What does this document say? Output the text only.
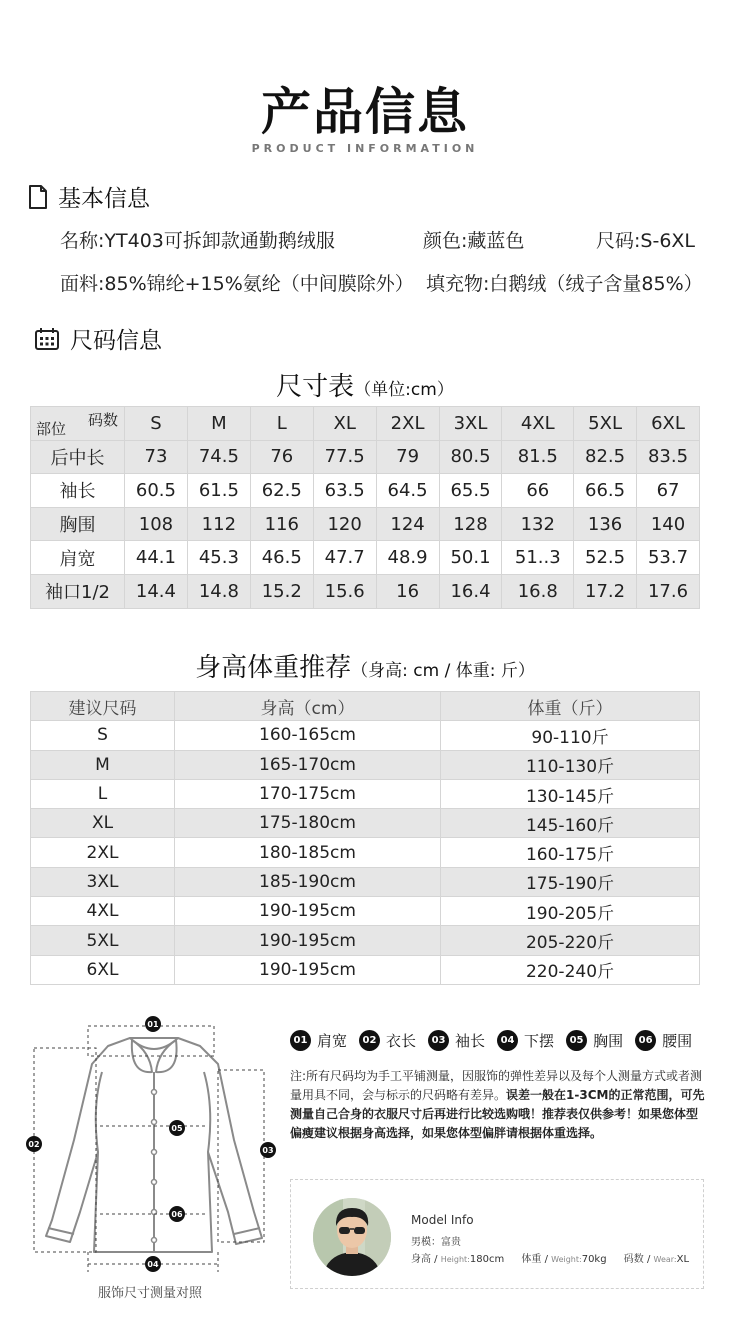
产品信息
PRODUCT INFORMATION
基本信息
名称:YT403可拆卸款通勤鹅绒服	颜色:藏蓝色	尺码:S-6XL
面料:85%锦纶+15%氨纶（中间膜除外） 填充物:白鹅绒（绒子含量85%）
尺码信息
尺寸表（单位:cm）
码数
部位	S	M	L	XL	2XL	3XL	4XL	5XL	6XL
后中长	73	74.5	76	77.5	79	80.5	81.5	82.5	83.5
袖长	60.5	61.5	62.5	63.5	64.5	65.5	66	66.5	67
胸围	108	112	116	120	124	128	132	136	140
肩宽	44.1	45.3	46.5	47.7	48.9	50.1	51..3	52.5	53.7
袖口1/2	14.4	14.8	15.2	15.6	16	16.4	16.8	17.2	17.6
身高体重推荐（身高: cm / 体重: 斤）
建议尺码	身高（cm）	体重（斤）
S	160-165cm	90-110斤
M	165-170cm	110-130斤
L	170-175cm	130-145斤
XL	175-180cm	145-160斤
2XL	180-185cm	160-175斤
3XL	185-190cm	175-190斤
4XL	190-195cm	190-205斤
5XL	190-195cm	205-220斤
6XL	190-195cm	220-240斤
01
02
03
04
05
06
服饰尺寸测量对照
01 肩宽	02 衣长	03 袖长	04 下摆	05 胸围	06 腰围
注:所有尺码均为手工平铺测量，因服饰的弹性差异以及每个人测量方式或者测量用具不同，会与标示的尺码略有差异。误差一般在1-3CM的正常范围，可先测量自己合身的衣服尺寸后再进行比较选购哦！推荐表仅供参考！如果您体型偏瘦建议根据身高选择，如果您体型偏胖请根据体重选择。
Model Info
男模：富贵
身高 / Height:180cm 体重 / Weight:70kg 码数 / Wear:XL
